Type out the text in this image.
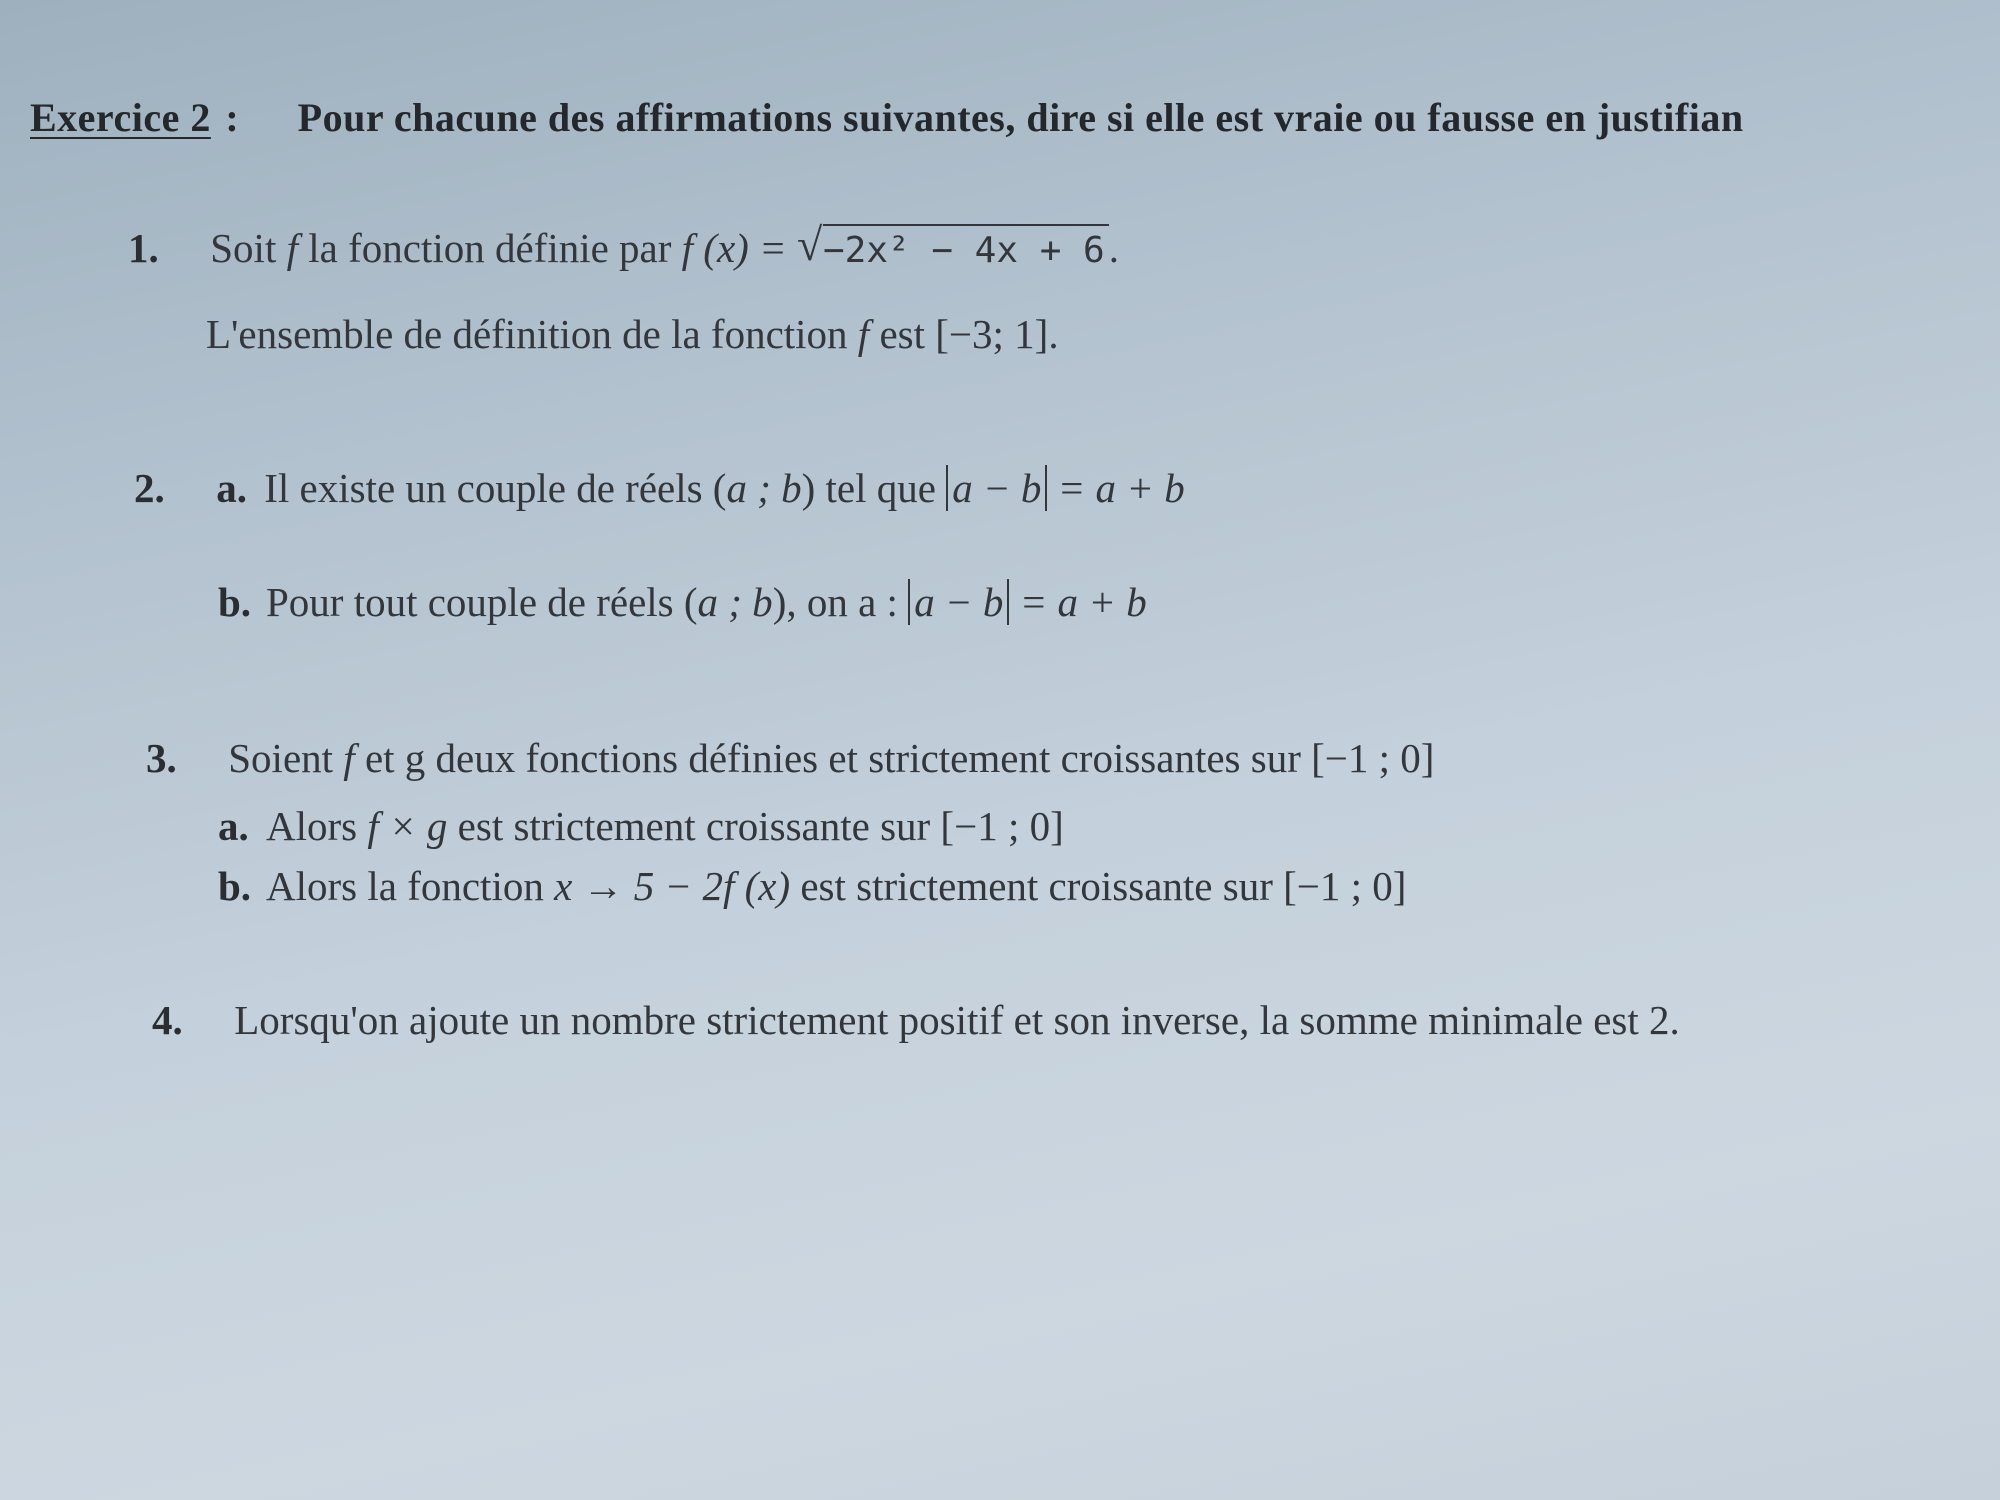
Exercice 2 : Pour chacune des affirmations suivantes, dire si elle est vraie ou fausse en justifian
1. Soit f la fonction définie par f (x) = √ −2x² − 4x + 6.
L'ensemble de définition de la fonction f est [−3; 1].
2. a. Il existe un couple de réels (a ; b) tel que a − b = a + b
b. Pour tout couple de réels (a ; b), on a : a − b = a + b
3. Soient f et g deux fonctions définies et strictement croissantes sur [−1 ; 0]
a. Alors f × g est strictement croissante sur [−1 ; 0]
b. Alors la fonction x → 5 − 2f (x) est strictement croissante sur [−1 ; 0]
4. Lorsqu'on ajoute un nombre strictement positif et son inverse, la somme minimale est 2.
